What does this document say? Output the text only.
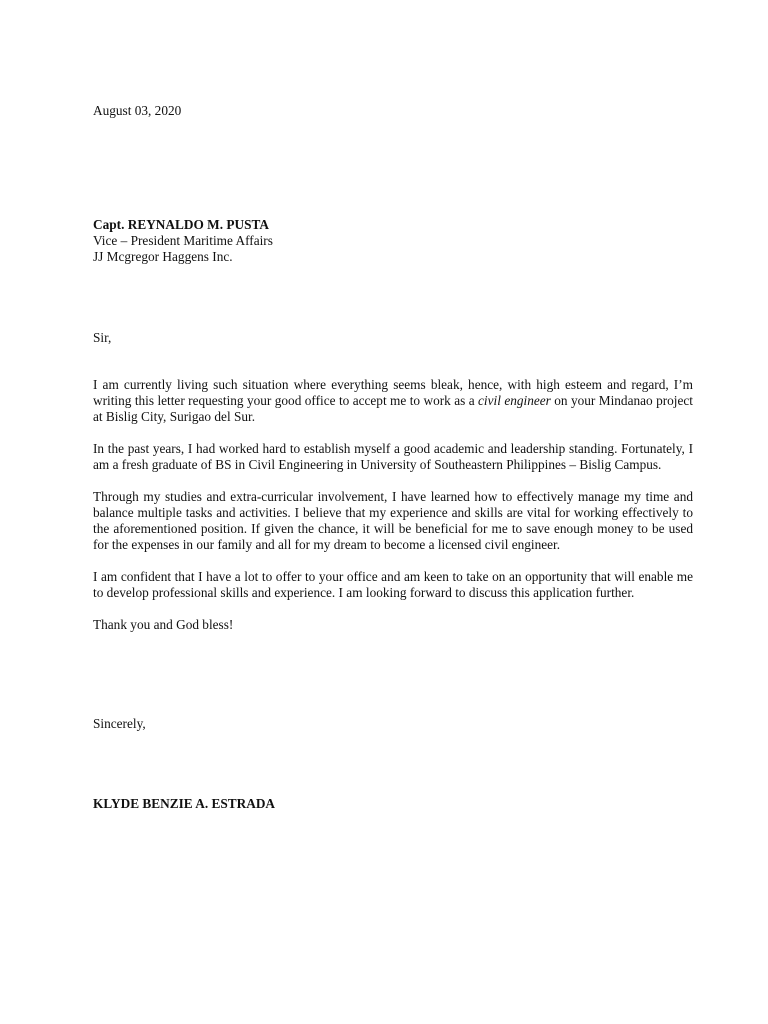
August 03, 2020
Capt. REYNALDO M. PUSTA
Vice – President Maritime Affairs
JJ Mcgregor Haggens Inc.
Sir,

I am currently living such situation where everything seems bleak, hence, with high esteem and regard, I’m writing this letter requesting your good office to accept me to work as a civil engineer on your Mindanao project at Bislig City, Surigao del Sur.

In the past years, I had worked hard to establish myself a good academic and leadership standing. Fortunately, I am a fresh graduate of BS in Civil Engineering in University of Southeastern Philippines – Bislig Campus.

Through my studies and extra-curricular involvement, I have learned how to effectively manage my time and balance multiple tasks and activities. I believe that my experience and skills are vital for working effectively to the aforementioned position. If given the chance, it will be beneficial for me to save enough money to be used for the expenses in our family and all for my dream to become a licensed civil engineer.

I am confident that I have a lot to offer to your office and am keen to take on an opportunity that will enable me to develop professional skills and experience. I am looking forward to discuss this application further.

Thank you and God bless!

Sincerely,
KLYDE BENZIE A. ESTRADA
